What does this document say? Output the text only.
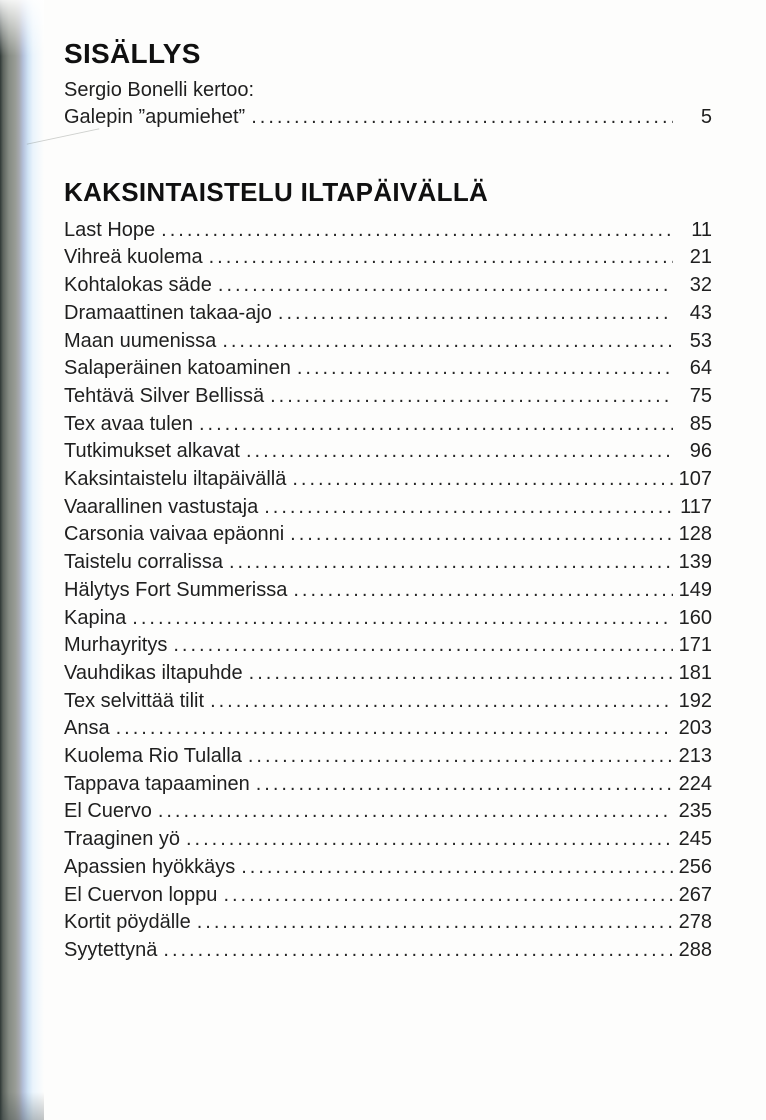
SISÄLLYS
Sergio Bonelli kertoo:
Galepin ”apumiehet” .....	5
KAKSINTAISTELU ILTAPÄIVÄLLÄ
Last Hope .....	11
Vihreä kuolema .....	21
Kohtalokas säde .....	32
Dramaattinen takaa-ajo .....	43
Maan uumenissa .....	53
Salaperäinen katoaminen .....	64
Tehtävä Silver Bellissä .....	75
Tex avaa tulen .....	85
Tutkimukset alkavat .....	96
Kaksintaistelu iltapäivällä .....	107
Vaarallinen vastustaja .....	117
Carsonia vaivaa epäonni .....	128
Taistelu corralissa .....	139
Hälytys Fort Summerissa .....	149
Kapina .....	160
Murhayritys .....	171
Vauhdikas iltapuhde .....	181
Tex selvittää tilit .....	192
Ansa .....	203
Kuolema Rio Tulalla .....	213
Tappava tapaaminen .....	224
El Cuervo .....	235
Traaginen yö .....	245
Apassien hyökkäys .....	256
El Cuervon loppu .....	267
Kortit pöydälle .....	278
Syytettynä .....	288
